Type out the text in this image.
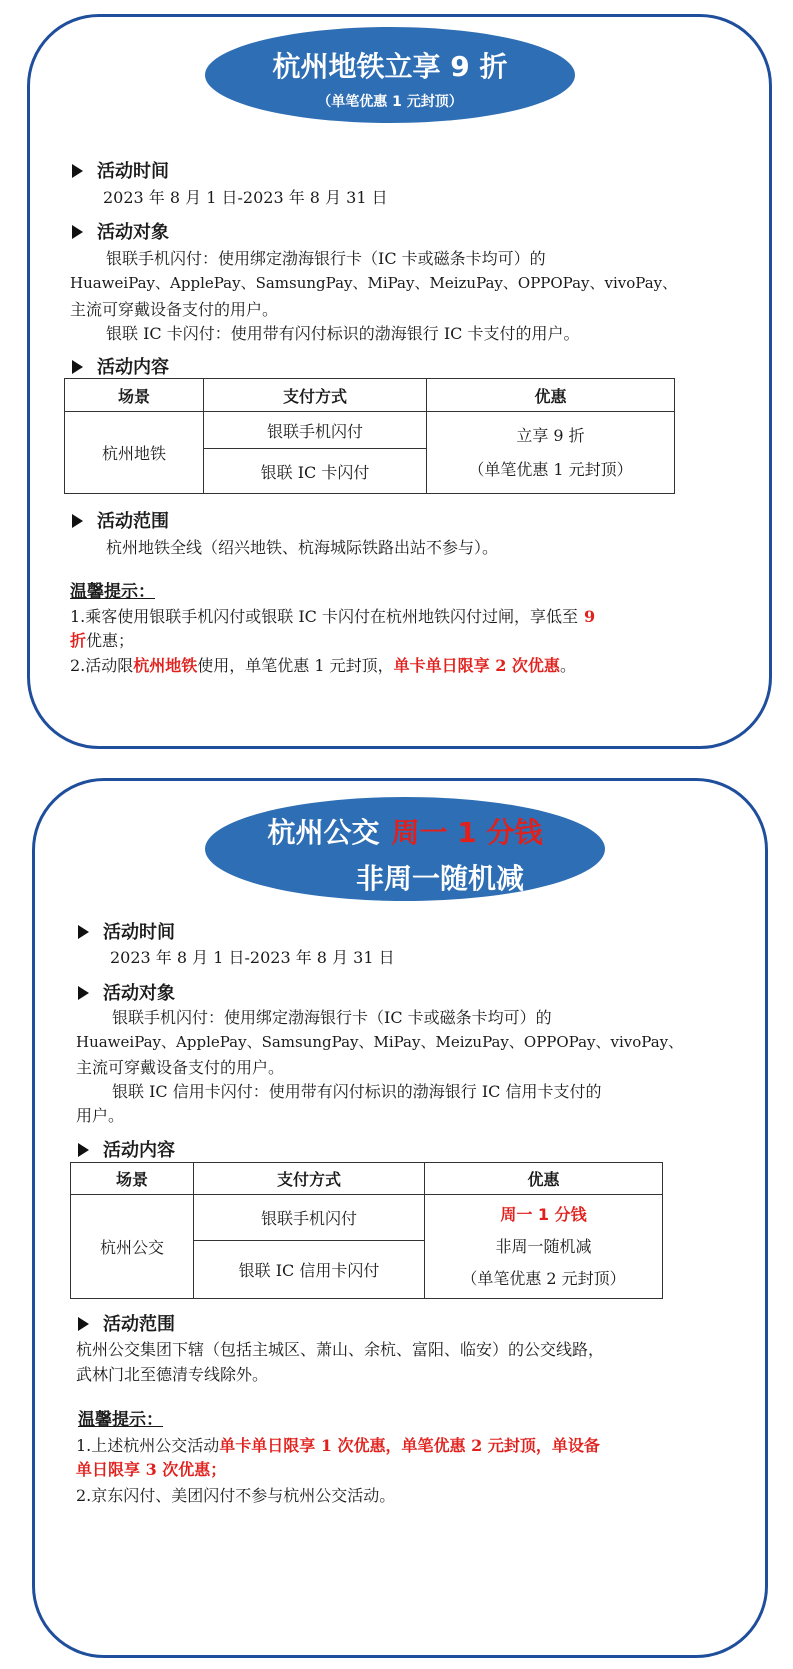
杭州地铁立享 9 折
（单笔优惠 1 元封顶）
活动时间
2023 年 8 月 1 日-2023 年 8 月 31 日
活动对象
银联手机闪付：使用绑定渤海银行卡（IC 卡或磁条卡均可）的
HuaweiPay、ApplePay、SamsungPay、MiPay、MeizuPay、OPPOPay、vivoPay、
主流可穿戴设备支付的用户。
银联 IC 卡闪付：使用带有闪付标识的渤海银行 IC 卡支付的用户。
活动内容
场景	支付方式	优惠
杭州地铁	银联手机闪付	立享 9 折
（单笔优惠 1 元封顶）

	银联 IC 卡闪付	
活动范围
杭州地铁全线（绍兴地铁、杭海城际铁路出站不参与）。
温馨提示：
1.乘客使用银联手机闪付或银联 IC 卡闪付在杭州地铁闪付过闸，享低至 9
折优惠；
2.活动限杭州地铁使用，单笔优惠 1 元封顶，单卡单日限享 2 次优惠。
杭州公交 周一 1 分钱
非周一随机减
活动时间
2023 年 8 月 1 日-2023 年 8 月 31 日
活动对象
银联手机闪付：使用绑定渤海银行卡（IC 卡或磁条卡均可）的
HuaweiPay、ApplePay、SamsungPay、MiPay、MeizuPay、OPPOPay、vivoPay、
主流可穿戴设备支付的用户。
银联 IC 信用卡闪付：使用带有闪付标识的渤海银行 IC 信用卡支付的
用户。
活动内容
场景	支付方式	优惠
杭州公交	银联手机闪付	周一 1 分钱
非周一随机减
（单笔优惠 2 元封顶）

	银联 IC 信用卡闪付	
活动范围
杭州公交集团下辖（包括主城区、萧山、余杭、富阳、临安）的公交线路，
武林门北至德清专线除外。
温馨提示：
1.上述杭州公交活动单卡单日限享 1 次优惠，单笔优惠 2 元封顶，单设备
单日限享 3 次优惠；
2.京东闪付、美团闪付不参与杭州公交活动。
